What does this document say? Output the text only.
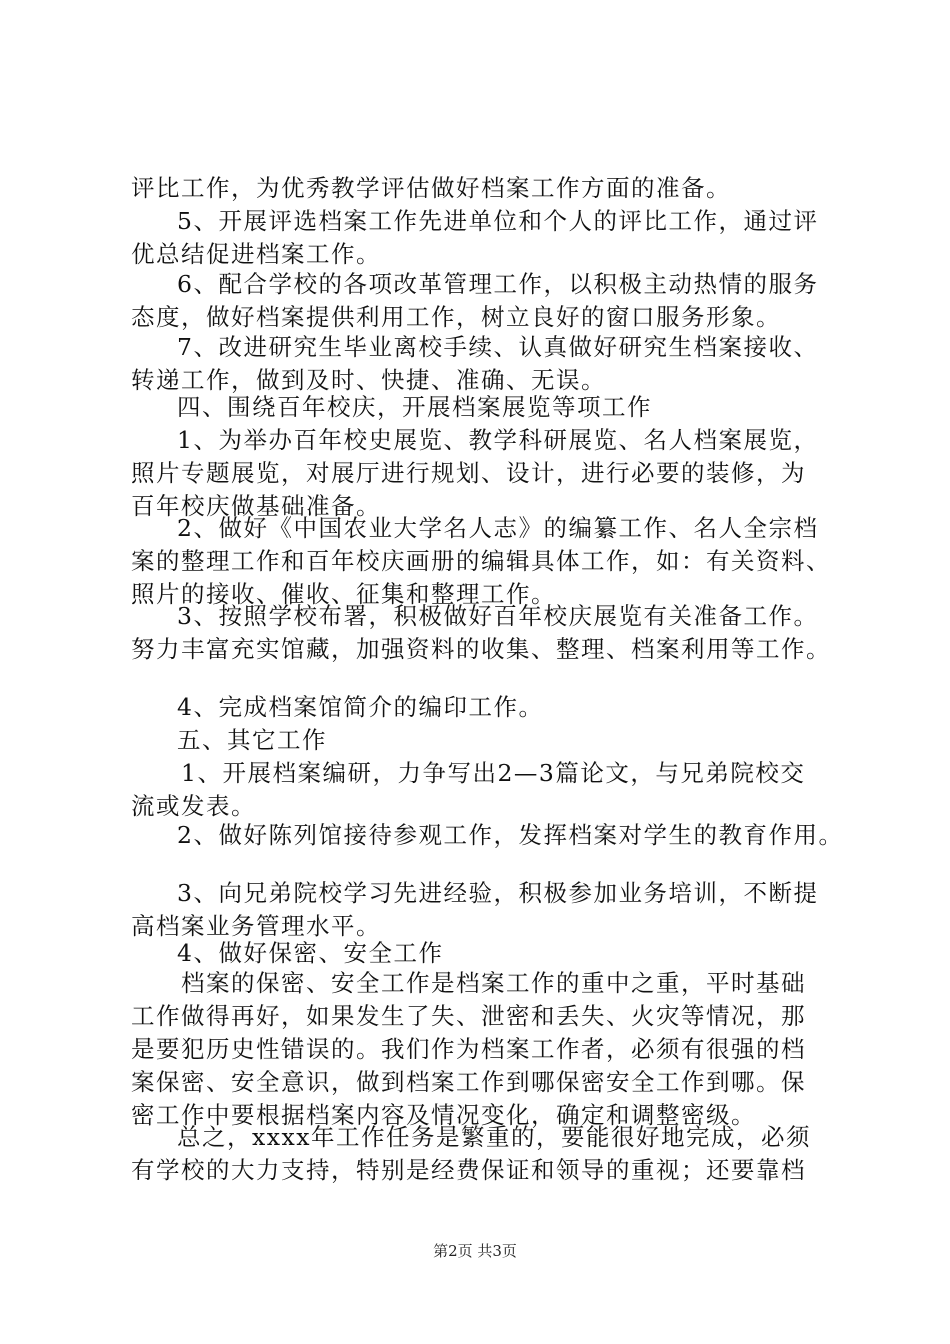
评比工作，为优秀教学评估做好档案工作方面的准备。
5、开展评选档案工作先进单位和个人的评比工作，通过评
优总结促进档案工作。
6、配合学校的各项改革管理工作，以积极主动热情的服务
态度，做好档案提供利用工作，树立良好的窗口服务形象。
7、改进研究生毕业离校手续、认真做好研究生档案接收、
转递工作，做到及时、快捷、准确、无误。
四、围绕百年校庆，开展档案展览等项工作
1、为举办百年校史展览、教学科研展览、名人档案展览，
照片专题展览，对展厅进行规划、设计，进行必要的装修，为
百年校庆做基础准备。
2、做好《中国农业大学名人志》的编纂工作、名人全宗档
案的整理工作和百年校庆画册的编辑具体工作，如：有关资料、
照片的接收、催收、征集和整理工作。
3、按照学校布署，积极做好百年校庆展览有关准备工作。
努力丰富充实馆藏，加强资料的收集、整理、档案利用等工作。
4、完成档案馆简介的编印工作。
五、其它工作
1、开展档案编研，力争写出2—3篇论文，与兄弟院校交
流或发表。
2、做好陈列馆接待参观工作，发挥档案对学生的教育作用。
3、向兄弟院校学习先进经验，积极参加业务培训，不断提
高档案业务管理水平。
4、做好保密、安全工作
档案的保密、安全工作是档案工作的重中之重，平时基础
工作做得再好，如果发生了失、泄密和丢失、火灾等情况，那
是要犯历史性错误的。我们作为档案工作者，必须有很强的档
案保密、安全意识，做到档案工作到哪保密安全工作到哪。保
密工作中要根据档案内容及情况变化，确定和调整密级。
总之，xxxx年工作任务是繁重的，要能很好地完成，必须
有学校的大力支持，特别是经费保证和领导的重视；还要靠档
第2页 共3页
